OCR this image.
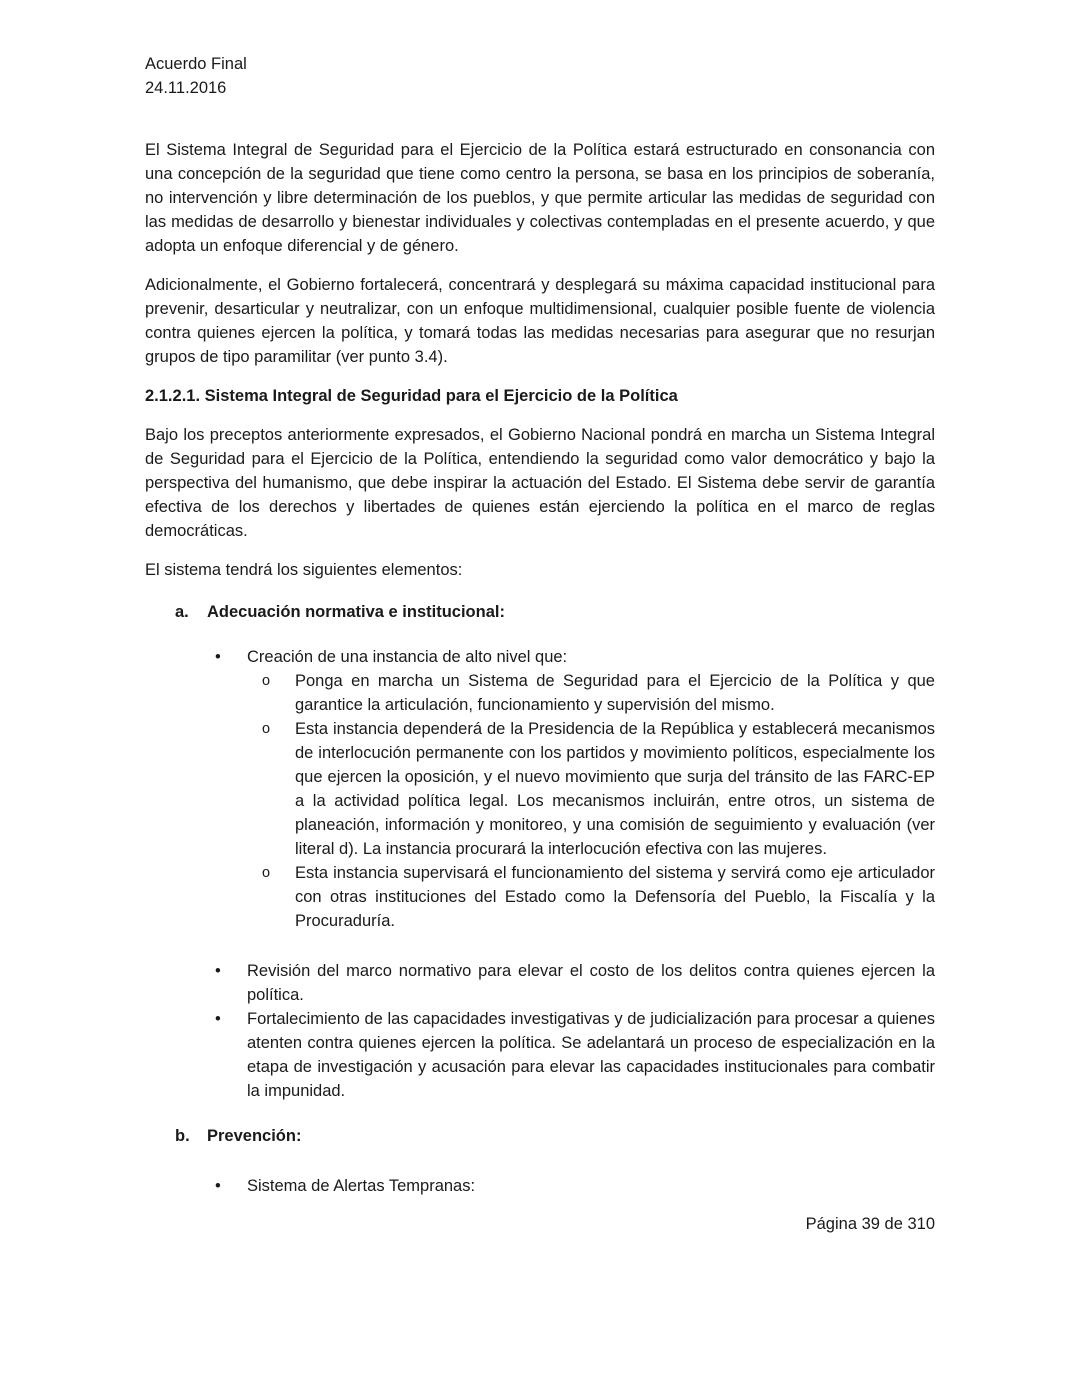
Acuerdo Final
24.11.2016

El Sistema Integral de Seguridad para el Ejercicio de la Política estará estructurado en consonancia con una concepción de la seguridad que tiene como centro la persona, se basa en los principios de soberanía, no intervención y libre determinación de los pueblos, y que permite articular las medidas de seguridad con las medidas de desarrollo y bienestar individuales y colectivas contempladas en el presente acuerdo, y que adopta un enfoque diferencial y de género.

Adicionalmente, el Gobierno fortalecerá, concentrará y desplegará su máxima capacidad institucional para prevenir, desarticular y neutralizar, con un enfoque multidimensional, cualquier posible fuente de violencia contra quienes ejercen la política, y tomará todas las medidas necesarias para asegurar que no resurjan grupos de tipo paramilitar (ver punto 3.4).

2.1.2.1. Sistema Integral de Seguridad para el Ejercicio de la Política

Bajo los preceptos anteriormente expresados, el Gobierno Nacional pondrá en marcha un Sistema Integral de Seguridad para el Ejercicio de la Política, entendiendo la seguridad como valor democrático y bajo la perspectiva del humanismo, que debe inspirar la actuación del Estado. El Sistema debe servir de garantía efectiva de los derechos y libertades de quienes están ejerciendo la política en el marco de reglas democráticas.

El sistema tendrá los siguientes elementos:

a.	Adecuación normativa e institucional:
•	Creación de una instancia de alto nivel que:
o	Ponga en marcha un Sistema de Seguridad para el Ejercicio de la Política y que garantice la articulación, funcionamiento y supervisión del mismo.
o	Esta instancia dependerá de la Presidencia de la República y establecerá mecanismos de interlocución permanente con los partidos y movimiento políticos, especialmente los que ejercen la oposición, y el nuevo movimiento que surja del tránsito de las FARC-EP a la actividad política legal. Los mecanismos incluirán, entre otros, un sistema de planeación, información y monitoreo, y una comisión de seguimiento y evaluación (ver literal d). La instancia procurará la interlocución efectiva con las mujeres.
o	Esta instancia supervisará el funcionamiento del sistema y servirá como eje articulador con otras instituciones del Estado como la Defensoría del Pueblo, la Fiscalía y la Procuraduría.
•	Revisión del marco normativo para elevar el costo de los delitos contra quienes ejercen la política.
•	Fortalecimiento de las capacidades investigativas y de judicialización para procesar a quienes atenten contra quienes ejercen la política. Se adelantará un proceso de especialización en la etapa de investigación y acusación para elevar las capacidades institucionales para combatir la impunidad.
b.	Prevención:
•	Sistema de Alertas Tempranas:
Página 39 de 310
